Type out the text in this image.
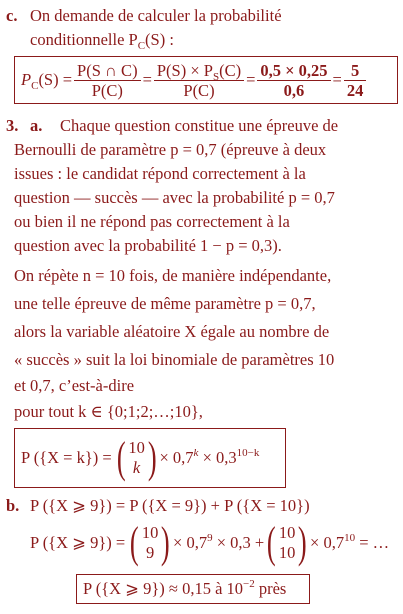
c. On demande de calculer la probabilité
conditionnelle $P_C(S)$ :
$P_C(S) = \frac{P(S \cap C)}{P(C)} = \frac{P(S) \times P_S(C)}{P(C)} = \frac{0,5 \times 0,25}{0,6} = \frac{5}{24}$
3. a. Chaque question constitue une épreuve de
Bernoulli de paramètre p = 0,7 (épreuve à deux
issues : le candidat répond correctement à la
question — succès — avec la probabilité p = 0,7
ou bien il ne répond pas correctement à la
question avec la probabilité 1 − p = 0,3).
On répète n = 10 fois, de manière indépendante,
une telle épreuve de même paramètre p = 0,7,
alors la variable aléatoire X égale au nombre de
« succès » suit la loi binomiale de paramètres 10
et 0,7, c’est-à-dire
pour tout k ∈ {0;1;2;…;10},
P ({X = k}) = ( 10
k ) × $0,7^k \times 0,3^{10-k}$
b. P ({X ⩾ 9}) = P ({X = 9}) + P ({X = 10})
P ({X ⩾ 9}) = ( 10
9 ) × $0,7^9 \times 0,3$ + ( 10
10 ) × $0,7^{10}$ = …
P ({X ⩾ 9}) ≈ 0,15 à $10^{-2}$ près
